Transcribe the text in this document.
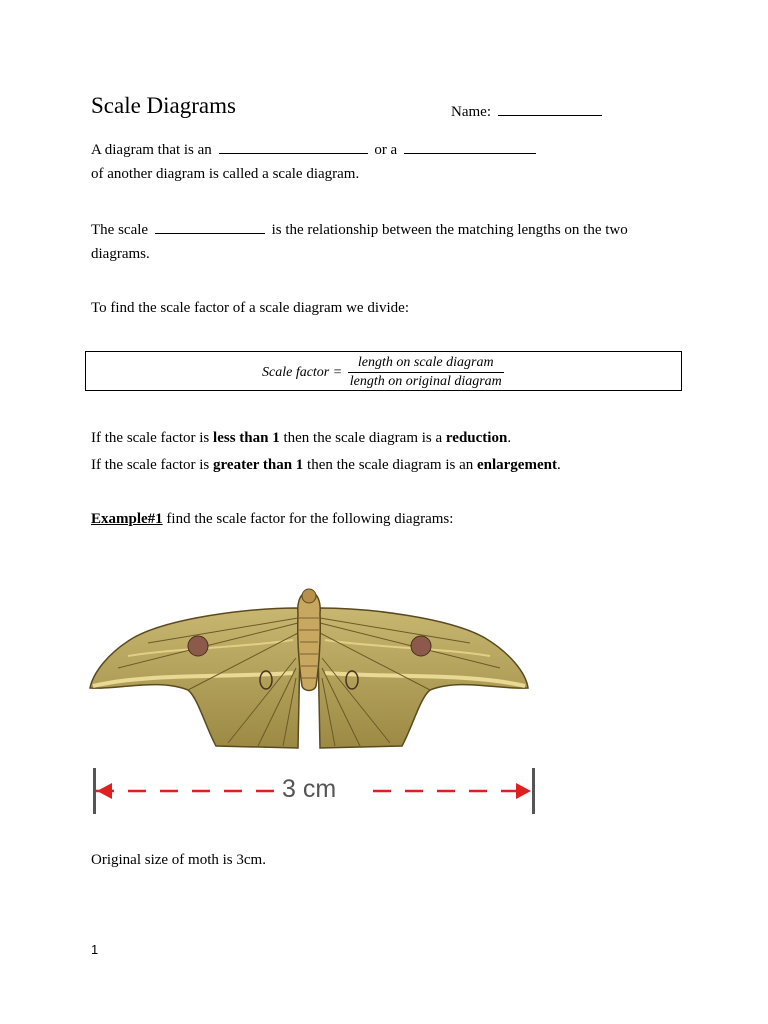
Scale Diagrams	Name:
A diagram that is an	or a
of another diagram is called a scale diagram.
The scale	is the relationship between the matching lengths on the two
diagrams.
To find the scale factor of a scale diagram we divide:
Scale factor = $\frac{\text{length on scale diagram}}{\text{length on original diagram}}$
If the scale factor is less than 1 then the scale diagram is a reduction.
If the scale factor is greater than 1 then the scale diagram is an enlargement.
Example#1 find the scale factor for the following diagrams:
3 cm
Original size of moth is 3cm.
1
